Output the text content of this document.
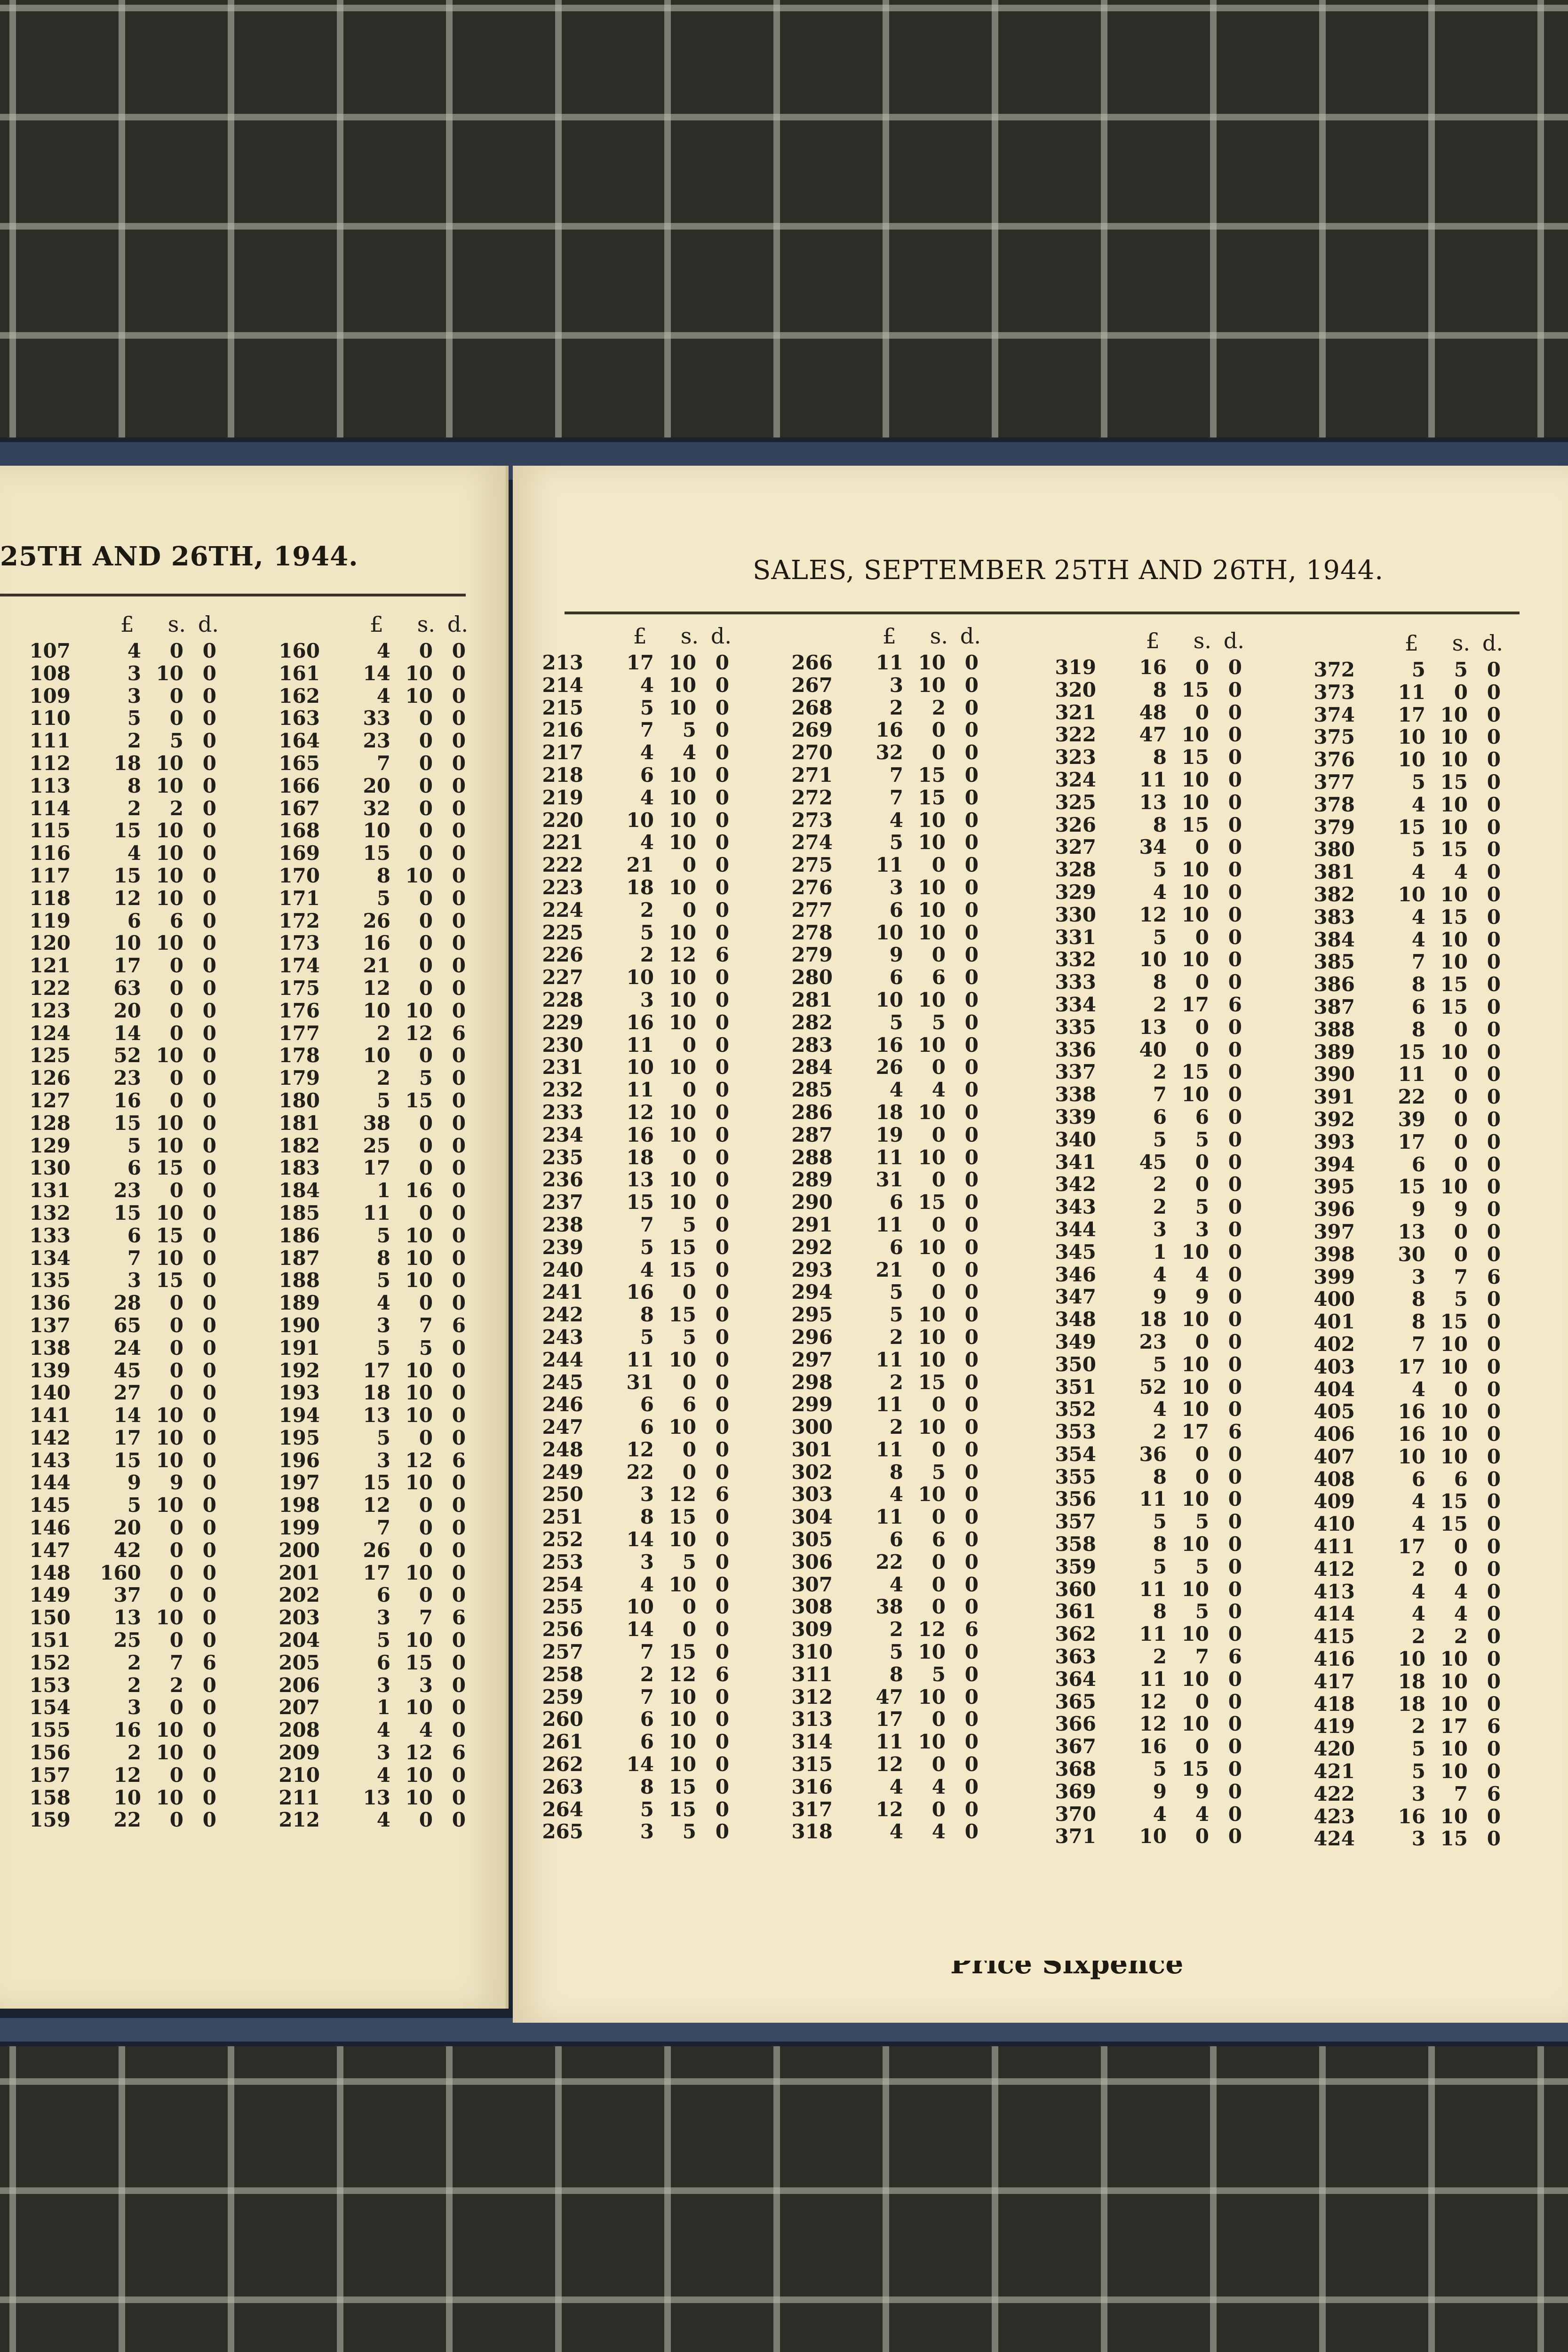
25TH AND 26TH, 1944.	SALES, SEPTEMBER 25TH AND 26TH, 1944.
£	s. d.
107	4	0 0
108	3 10 0
109	3	0 0
110	5	0 0
111	2	5 0
112	18 10 0
113	8 10 0
114	2	2 0
115	15 10 0
116	4 10 0
117	15 10 0
118	12 10 0
119	6	6 0
120	10 10 0
121	17	0 0
122	63	0 0
123	20	0 0
124	14	0 0
125	52 10 0
126	23	0 0
127	16	0 0
128	15 10 0
129	5 10 0
130	6 15 0
131	23	0 0
132	15 10 0
133	6 15 0
134	7 10 0
135	3 15 0
136	28	0 0
137	65	0 0
138	24	0 0
139	45	0 0
140	27	0 0
141	14 10 0
142	17 10 0
143	15 10 0
144	9	9 0
145	5 10 0
146	20	0 0
147	42	0 0
148	160	0 0
149	37	0 0
150	13 10 0
151	25	0 0
152	2	7 6
153	2	2 0
154	3	0 0
155	16 10 0
156	2 10 0
157	12	0 0
158	10 10 0
159	22	0 0
£	s. d.
160	4	0 0
161	14 10 0
162	4 10 0
163	33	0 0
164	23	0 0
165	7	0 0
166	20	0 0
167	32	0 0
168	10	0 0
169	15	0 0
170	8 10 0
171	5	0 0
172	26	0 0
173	16	0 0
174	21	0 0
175	12	0 0
176	10 10 0
177	2 12 6
178	10	0 0
179	2	5 0
180	5 15 0
181	38	0 0
182	25	0 0
183	17	0 0
184	1 16 0
185	11	0 0
186	5 10 0
187	8 10 0
188	5 10 0
189	4	0 0
190	3	7 6
191	5	5 0
192	17 10 0
193	18 10 0
194	13 10 0
195	5	0 0
196	3 12 6
197	15 10 0
198	12	0 0
199	7	0 0
200	26	0 0
201	17 10 0
202	6	0 0
203	3	7 6
204	5 10 0
205	6 15 0
206	3	3 0
207	1 10 0
208	4	4 0
209	3 12 6
210	4 10 0
211	13 10 0
212	4	0 0
£	s. d.
213	17 10 0
214	4 10 0
215	5 10 0
216	7	5 0
217	4	4 0
218	6 10 0
219	4 10 0
220	10 10 0
221	4 10 0
222	21	0 0
223	18 10 0
224	2	0 0
225	5 10 0
226	2 12 6
227	10 10 0
228	3 10 0
229	16 10 0
230	11	0 0
231	10 10 0
232	11	0 0
233	12 10 0
234	16 10 0
235	18	0 0
236	13 10 0
237	15 10 0
238	7	5 0
239	5 15 0
240	4 15 0
241	16	0 0
242	8 15 0
243	5	5 0
244	11 10 0
245	31	0 0
246	6	6 0
247	6 10 0
248	12	0 0
249	22	0 0
250	3 12 6
251	8 15 0
252	14 10 0
253	3	5 0
254	4 10 0
255	10	0 0
256	14	0 0
257	7 15 0
258	2 12 6
259	7 10 0
260	6 10 0
261	6 10 0
262	14 10 0
263	8 15 0
264	5 15 0
265	3	5 0
£	s. d.
266	11 10 0
267	3 10 0
268	2	2 0
269	16	0 0
270	32	0 0
271	7 15 0
272	7 15 0
273	4 10 0
274	5 10 0
275	11	0 0
276	3 10 0
277	6 10 0
278	10 10 0
279	9	0 0
280	6	6 0
281	10 10 0
282	5	5 0
283	16 10 0
284	26	0 0
285	4	4 0
286	18 10 0
287	19	0 0
288	11 10 0
289	31	0 0
290	6 15 0
291	11	0 0
292	6 10 0
293	21	0 0
294	5	0 0
295	5 10 0
296	2 10 0
297	11 10 0
298	2 15 0
299	11	0 0
300	2 10 0
301	11	0 0
302	8	5 0
303	4 10 0
304	11	0 0
305	6	6 0
306	22	0 0
307	4	0 0
308	38	0 0
309	2 12 6
310	5 10 0
311	8	5 0
312	47 10 0
313	17	0 0
314	11 10 0
315	12	0 0
316	4	4 0
317	12	0 0
318	4	4 0
£	s. d.
319	16	0 0
320	8 15 0
321	48	0 0
322	47 10 0
323	8 15 0
324	11 10 0
325	13 10 0
326	8 15 0
327	34	0 0
328	5 10 0
329	4 10 0
330	12 10 0
331	5	0 0
332	10 10 0
333	8	0 0
334	2 17 6
335	13	0 0
336	40	0 0
337	2 15 0
338	7 10 0
339	6	6 0
340	5	5 0
341	45	0 0
342	2	0 0
343	2	5 0
344	3	3 0
345	1 10 0
346	4	4 0
347	9	9 0
348	18 10 0
349	23	0 0
350	5 10 0
351	52 10 0
352	4 10 0
353	2 17 6
354	36	0 0
355	8	0 0
356	11 10 0
357	5	5 0
358	8 10 0
359	5	5 0
360	11 10 0
361	8	5 0
362	11 10 0
363	2	7 6
364	11 10 0
365	12	0 0
366	12 10 0
367	16	0 0
368	5 15 0
369	9	9 0
370	4	4 0
371	10	0 0
£	s. d.
372	5	5 0
373	11	0 0
374	17 10 0
375	10 10 0
376	10 10 0
377	5 15 0
378	4 10 0
379	15 10 0
380	5 15 0
381	4	4 0
382	10 10 0
383	4 15 0
384	4 10 0
385	7 10 0
386	8 15 0
387	6 15 0
388	8	0 0
389	15 10 0
390	11	0 0
391	22	0 0
392	39	0 0
393	17	0 0
394	6	0 0
395	15 10 0
396	9	9 0
397	13	0 0
398	30	0 0
399	3	7 6
400	8	5 0
401	8 15 0
402	7 10 0
403	17 10 0
404	4	0 0
405	16 10 0
406	16 10 0
407	10 10 0
408	6	6 0
409	4 15 0
410	4 15 0
411	17	0 0
412	2	0 0
413	4	4 0
414	4	4 0
415	2	2 0
416	10 10 0
417	18 10 0
418	18 10 0
419	2 17 6
420	5 10 0
421	5 10 0
422	3	7 6
423	16 10 0
424	3 15 0
Price Sixpence
